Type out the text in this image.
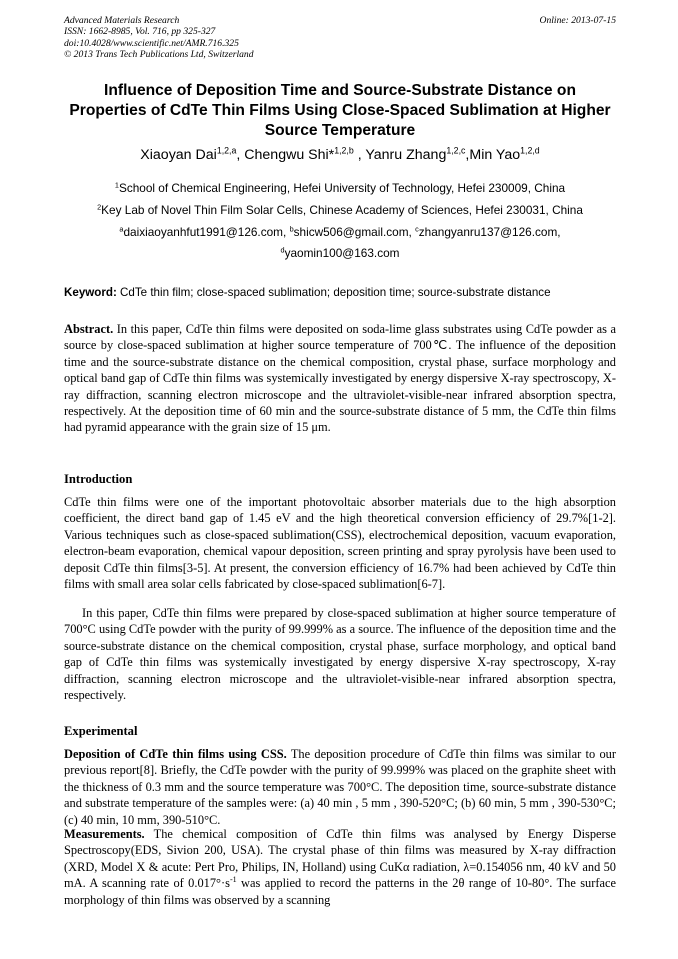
Advanced Materials Research
ISSN: 1662-8985, Vol. 716, pp 325-327
doi:10.4028/www.scientific.net/AMR.716.325
© 2013 Trans Tech Publications Ltd, Switzerland
Online: 2013-07-15
Influence of Deposition Time and Source-Substrate Distance on Properties of CdTe Thin Films Using Close-Spaced Sublimation at Higher Source Temperature
Xiaoyan Dai$^{1,2,a}$, Chengwu Shi*$^{1,2,b}$ , Yanru Zhang$^{1,2,c}$,Min Yao$^{1,2,d}$
$^1$School of Chemical Engineering, Hefei University of Technology, Hefei 230009, China
$^2$Key Lab of Novel Thin Film Solar Cells, Chinese Academy of Sciences, Hefei 230031, China
$^a$daixiaoyanhfut1991@126.com, $^b$shicw506@gmail.com, $^c$zhangyanru137@126.com,
$^d$yaomin100@163.com
Keyword: CdTe thin film; close-spaced sublimation; deposition time; source-substrate distance
Abstract. In this paper, CdTe thin films were deposited on soda-lime glass substrates using CdTe powder as a source by close-spaced sublimation at higher source temperature of 700℃. The influence of the deposition time and the source-substrate distance on the chemical composition, crystal phase, surface morphology and optical band gap of CdTe thin films was systemically investigated by energy dispersive X-ray spectroscopy, X-ray diffraction, scanning electron microscope and the ultraviolet-visible-near infrared absorption spectra, respectively. At the deposition time of 60 min and the source-substrate distance of 5 mm, the CdTe thin films had pyramid appearance with the grain size of 15 μm.
Introduction
CdTe thin films were one of the important photovoltaic absorber materials due to the high absorption coefficient, the direct band gap of 1.45 eV and the high theoretical conversion efficiency of 29.7%[1-2]. Various techniques such as close-spaced sublimation(CSS), electrochemical deposition, vacuum evaporation, electron-beam evaporation, chemical vapour deposition, screen printing and spray pyrolysis have been used to deposit CdTe thin films[3-5]. At present, the conversion efficiency of 16.7% had been achieved by CdTe thin films with small area solar cells fabricated by close-spaced sublimation[6-7].
In this paper, CdTe thin films were prepared by close-spaced sublimation at higher source temperature of 700°C using CdTe powder with the purity of 99.999% as a source. The influence of the deposition time and the source-substrate distance on the chemical composition, crystal phase, surface morphology, and optical band gap of CdTe thin films was systemically investigated by energy dispersive X-ray spectroscopy, X-ray diffraction, scanning electron microscope and the ultraviolet-visible-near infrared absorption spectra, respectively.
Experimental
Deposition of CdTe thin films using CSS. The deposition procedure of CdTe thin films was similar to our previous report[8]. Briefly, the CdTe powder with the purity of 99.999% was placed on the graphite sheet with the thickness of 0.3 mm and the source temperature was 700°C. The deposition time, source-substrate distance and substrate temperature of the samples were: (a) 40 min , 5 mm , 390-520°C; (b) 60 min, 5 mm , 390-530°C;(c) 40 min, 10 mm, 390-510°C.
Measurements. The chemical composition of CdTe thin films was analysed by Energy Disperse Spectroscopy(EDS, Sivion 200, USA). The crystal phase of thin films was measured by X-ray diffraction (XRD, Model X & acute: Pert Pro, Philips, IN, Holland) using CuKα radiation, λ=0.154056 nm, 40 kV and 50 mA. A scanning rate of $0.017^\circ\cdot s^{-1}$ was applied to record the patterns in the 2θ range of 10-80°. The surface morphology of thin films was observed by a scanning
